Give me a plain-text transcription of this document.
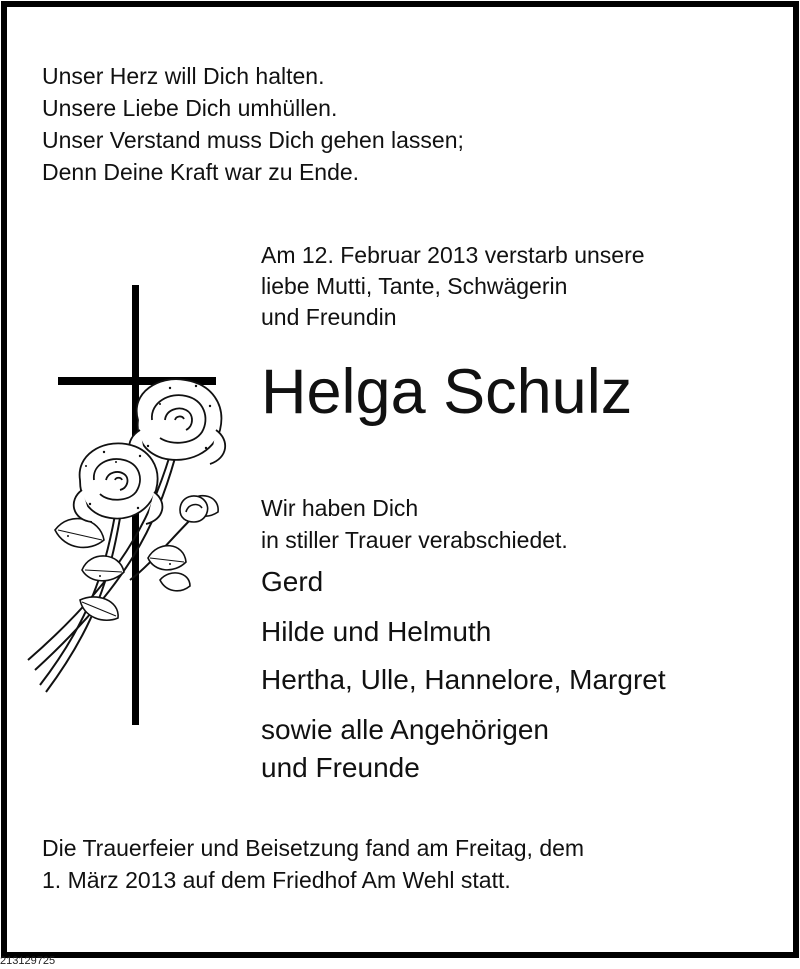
Unser Herz will Dich halten.
Unsere Liebe Dich umhüllen.
Unser Verstand muss Dich gehen lassen;
Denn Deine Kraft war zu Ende.
Am 12. Februar 2013 verstarb unsere
liebe Mutti, Tante, Schwägerin
und Freundin
Helga Schulz
Wir haben Dich
in stiller Trauer verabschiedet.
Gerd
Hilde und Helmuth
Hertha, Ulle, Hannelore, Margret
sowie alle Angehörigen
und Freunde
Die Trauerfeier und Beisetzung fand am Freitag, dem
1. März 2013 auf dem Friedhof Am Wehl statt.
213129725
